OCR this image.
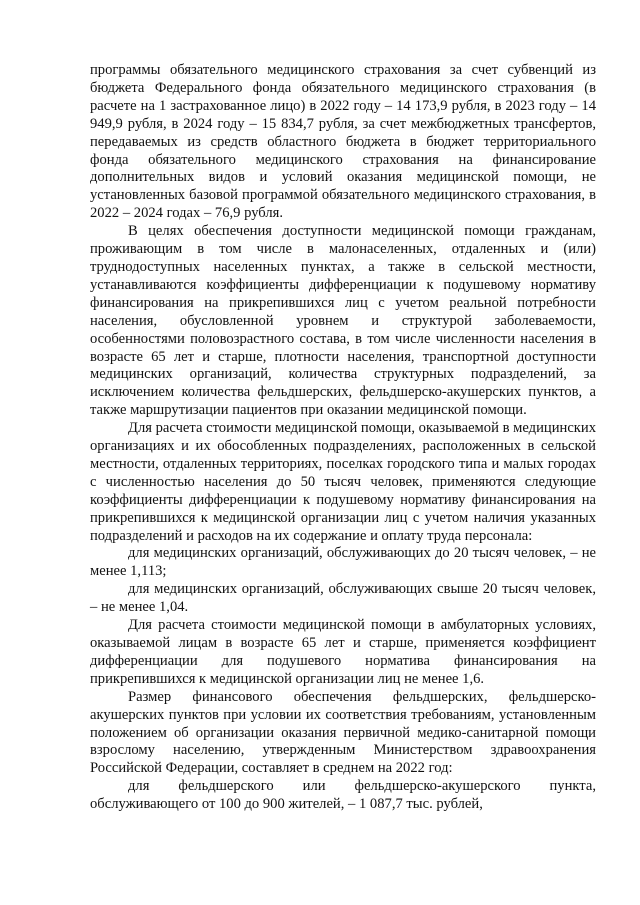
программы обязательного медицинского страхования за счет субвенций из бюджета Федерального фонда обязательного медицинского страхования (в расчете на 1 застрахованное лицо) в 2022 году – 14 173,9 рубля, в 2023 году – 14 949,9 рубля, в 2024 году – 15 834,7 рубля, за счет межбюджетных трансфертов, передаваемых из средств областного бюджета в бюджет территориального фонда обязательного медицинского страхования на финансирование дополнительных видов и условий оказания медицинской помощи, не установленных базовой программой обязательного медицинского страхования, в 2022 – 2024 годах – 76,9 рубля.

В целях обеспечения доступности медицинской помощи гражданам, проживающим в том числе в малонаселенных, отдаленных и (или) труднодоступных населенных пунктах, а также в сельской местности, устанавливаются коэффициенты дифференциации к подушевому нормативу финансирования на прикрепившихся лиц с учетом реальной потребности населения, обусловленной уровнем и структурой заболеваемости, особенностями половозрастного состава, в том числе численности населения в возрасте 65 лет и старше, плотности населения, транспортной доступности медицинских организаций, количества структурных подразделений, за исключением количества фельдшерских, фельдшерско-акушерских пунктов, а также маршрутизации пациентов при оказании медицинской помощи.

Для расчета стоимости медицинской помощи, оказываемой в медицинских организациях и их обособленных подразделениях, расположенных в сельской местности, отдаленных территориях, поселках городского типа и малых городах с численностью населения до 50 тысяч человек, применяются следующие коэффициенты дифференциации к подушевому нормативу финансирования на прикрепившихся к медицинской организации лиц с учетом наличия указанных подразделений и расходов на их содержание и оплату труда персонала:

для медицинских организаций, обслуживающих до 20 тысяч человек, – не менее 1,113;

для медицинских организаций, обслуживающих свыше 20 тысяч человек, – не менее 1,04.

Для расчета стоимости медицинской помощи в амбулаторных условиях, оказываемой лицам в возрасте 65 лет и старше, применяется коэффициент дифференциации для подушевого норматива финансирования на прикрепившихся к медицинской организации лиц не менее 1,6.

Размер финансового обеспечения фельдшерских, фельдшерско-акушерских пунктов при условии их соответствия требованиям, установленным положением об организации оказания первичной медико-санитарной помощи взрослому населению, утвержденным Министерством здравоохранения Российской Федерации, составляет в среднем на 2022 год:

для фельдшерского или фельдшерско-акушерского пункта, обслуживающего от 100 до 900 жителей, – 1 087,7 тыс. рублей,
